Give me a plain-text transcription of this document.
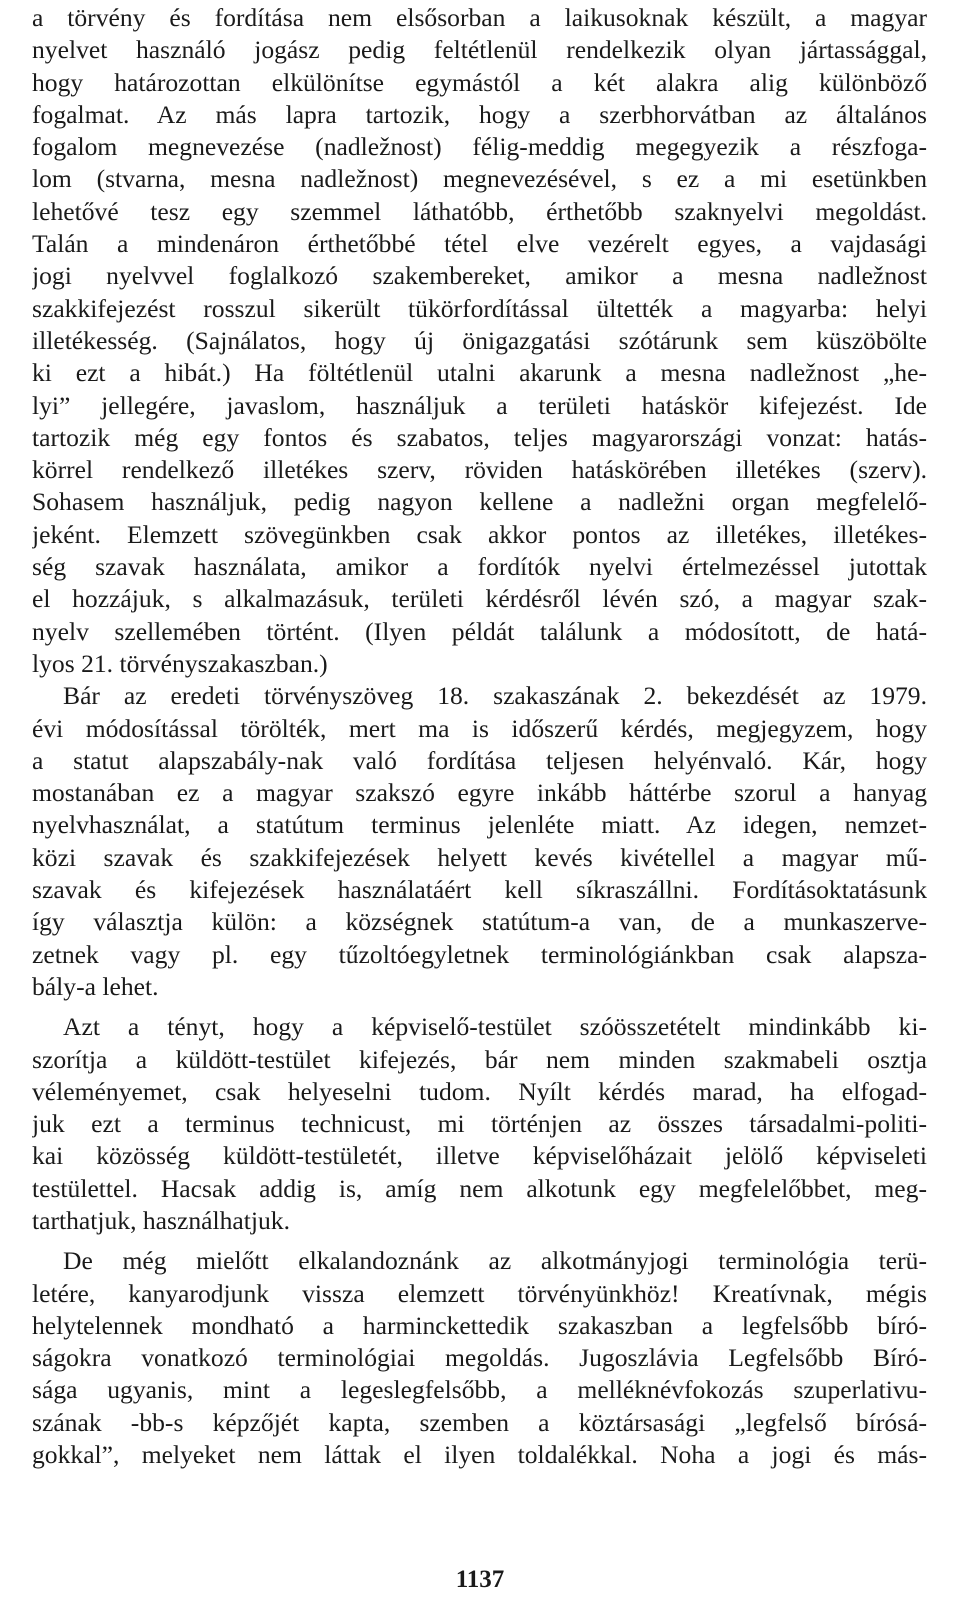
a törvény és fordítása nem elsősorban a laikusoknak készült, a magyar
nyelvet használó jogász pedig feltétlenül rendelkezik olyan jártassággal,
hogy határozottan elkülönítse egymástól a két alakra alig különböző
fogalmat. Az más lapra tartozik, hogy a szerbhorvátban az általános
fogalom megnevezése (nadležnost) félig-meddig megegyezik a részfoga-
lom (stvarna, mesna nadležnost) megnevezésével, s ez a mi esetünkben
lehetővé tesz egy szemmel láthatóbb, érthetőbb szaknyelvi megoldást.
Talán a mindenáron érthetőbbé tétel elve vezérelt egyes, a vajdasági
jogi nyelvvel foglalkozó szakembereket, amikor a mesna nadležnost
szakkifejezést rosszul sikerült tükörfordítással ültették a magyarba: helyi
illetékesség. (Sajnálatos, hogy új önigazgatási szótárunk sem küszöbölte
ki ezt a hibát.) Ha föltétlenül utalni akarunk a mesna nadležnost „he-
lyi” jellegére, javaslom, használjuk a területi hatáskör kifejezést. Ide
tartozik még egy fontos és szabatos, teljes magyarországi vonzat: hatás-
körrel rendelkező illetékes szerv, röviden hatáskörében illetékes (szerv).
Sohasem használjuk, pedig nagyon kellene a nadležni organ megfelelő-
jeként. Elemzett szövegünkben csak akkor pontos az illetékes, illetékes-
ség szavak használata, amikor a fordítók nyelvi értelmezéssel jutottak
el hozzájuk, s alkalmazásuk, területi kérdésről lévén szó, a magyar szak-
nyelv szellemében történt. (Ilyen példát találunk a módosított, de hatá-
lyos 21. törvényszakaszban.)
Bár az eredeti törvényszöveg 18. szakaszának 2. bekezdését az 1979.
évi módosítással törölték, mert ma is időszerű kérdés, megjegyzem, hogy
a statut alapszabály-nak való fordítása teljesen helyénvaló. Kár, hogy
mostanában ez a magyar szakszó egyre inkább háttérbe szorul a hanyag
nyelvhasználat, a statútum terminus jelenléte miatt. Az idegen, nemzet-
közi szavak és szakkifejezések helyett kevés kivétellel a magyar mű-
szavak és kifejezések használatáért kell síkraszállni. Fordításoktatásunk
így választja külön: a községnek statútum-a van, de a munkaszerve-
zetnek vagy pl. egy tűzoltóegyletnek terminológiánkban csak alapsza-
bály-a lehet.
Azt a tényt, hogy a képviselő-testület szóösszetételt mindinkább ki-
szorítja a küldött-testület kifejezés, bár nem minden szakmabeli osztja
véleményemet, csak helyeselni tudom. Nyílt kérdés marad, ha elfogad-
juk ezt a terminus technicust, mi történjen az összes társadalmi-politi-
kai közösség küldött-testületét, illetve képviselőházait jelölő képviseleti
testülettel. Hacsak addig is, amíg nem alkotunk egy megfelelőbbet, meg-
tarthatjuk, használhatjuk.
De még mielőtt elkalandoznánk az alkotmányjogi terminológia terü-
letére, kanyarodjunk vissza elemzett törvényünkhöz! Kreatívnak, mégis
helytelennek mondható a harminckettedik szakaszban a legfelsőbb bíró-
ságokra vonatkozó terminológiai megoldás. Jugoszlávia Legfelsőbb Bíró-
sága ugyanis, mint a legeslegfelsőbb, a melléknévfokozás szuperlativu-
szának -bb-s képzőjét kapta, szemben a köztársasági „legfelső bírósá-
gokkal”, melyeket nem láttak el ilyen toldalékkal. Noha a jogi és más-
1137
